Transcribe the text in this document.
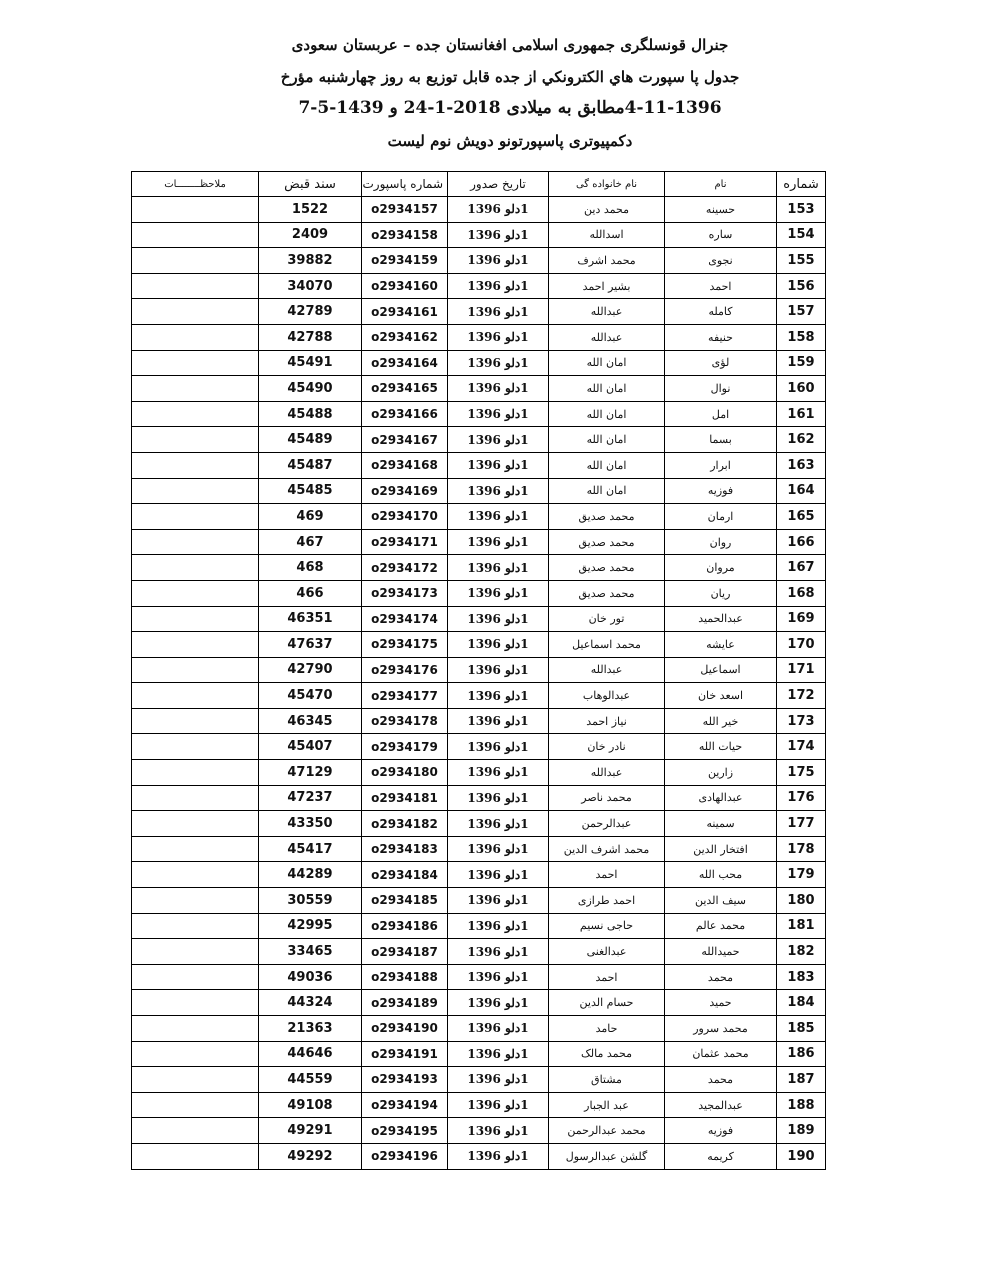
جنرال قونسلگری جمهوری اسلامی افغانستان جده – عربستان سعودی
جدول پا سپورت هاي الكترونكي از جده قابل توزيع به روز چهارشنبه مؤرخ
4-11-1396مطابق به میلادی 2018-1-24 و 1439-5-7
دكمپيوتری پاسپورتونو دويش نوم ليست
شماره	نام	نام خانواده گی	تاریخ صدور	شماره پاسپورت	سند قبض	ملاحظــــــــات
153	حسینه	محمد دین	1دلو 1396	o2934157	1522	
154	ساره	اسدالله	1دلو 1396	o2934158	2409	
155	نجوی	محمد اشرف	1دلو 1396	o2934159	39882	
156	احمد	بشیر احمد	1دلو 1396	o2934160	34070	
157	کامله	عبدالله	1دلو 1396	o2934161	42789	
158	حنیفه	عبدالله	1دلو 1396	o2934162	42788	
159	لؤی	امان الله	1دلو 1396	o2934164	45491	
160	نوال	امان الله	1دلو 1396	o2934165	45490	
161	امل	امان الله	1دلو 1396	o2934166	45488	
162	بسما	امان الله	1دلو 1396	o2934167	45489	
163	ابرار	امان الله	1دلو 1396	o2934168	45487	
164	فوزیه	امان الله	1دلو 1396	o2934169	45485	
165	ارمان	محمد صدیق	1دلو 1396	o2934170	469	
166	روان	محمد صدیق	1دلو 1396	o2934171	467	
167	مروان	محمد صدیق	1دلو 1396	o2934172	468	
168	ریان	محمد صدیق	1دلو 1396	o2934173	466	
169	عبدالحمید	تور خان	1دلو 1396	o2934174	46351	
170	عایشه	محمد اسماعیل	1دلو 1396	o2934175	47637	
171	اسماعیل	عبدالله	1دلو 1396	o2934176	42790	
172	اسعد خان	عبدالوهاب	1دلو 1396	o2934177	45470	
173	خیر الله	نیاز احمد	1دلو 1396	o2934178	46345	
174	حیات الله	نادر خان	1دلو 1396	o2934179	45407	
175	زارین	عبدالله	1دلو 1396	o2934180	47129	
176	عبدالهادی	محمد ناصر	1دلو 1396	o2934181	47237	
177	سمینه	عبدالرحمن	1دلو 1396	o2934182	43350	
178	افتخار الدین	محمد اشرف الدین	1دلو 1396	o2934183	45417	
179	محب الله	احمد	1دلو 1396	o2934184	44289	
180	سیف الدین	احمد طرازی	1دلو 1396	o2934185	30559	
181	محمد عالم	حاجی نسیم	1دلو 1396	o2934186	42995	
182	حمیدالله	عبدالغنی	1دلو 1396	o2934187	33465	
183	محمد	احمد	1دلو 1396	o2934188	49036	
184	حمید	حسام الدین	1دلو 1396	o2934189	44324	
185	محمد سرور	حامد	1دلو 1396	o2934190	21363	
186	محمد عثمان	محمد مالک	1دلو 1396	o2934191	44646	
187	محمد	مشتاق	1دلو 1396	o2934193	44559	
188	عبدالمجید	عبد الجبار	1دلو 1396	o2934194	49108	
189	فوزیه	محمد عبدالرحمن	1دلو 1396	o2934195	49291	
190	کریمه	گلشن عبدالرسول	1دلو 1396	o2934196	49292	
